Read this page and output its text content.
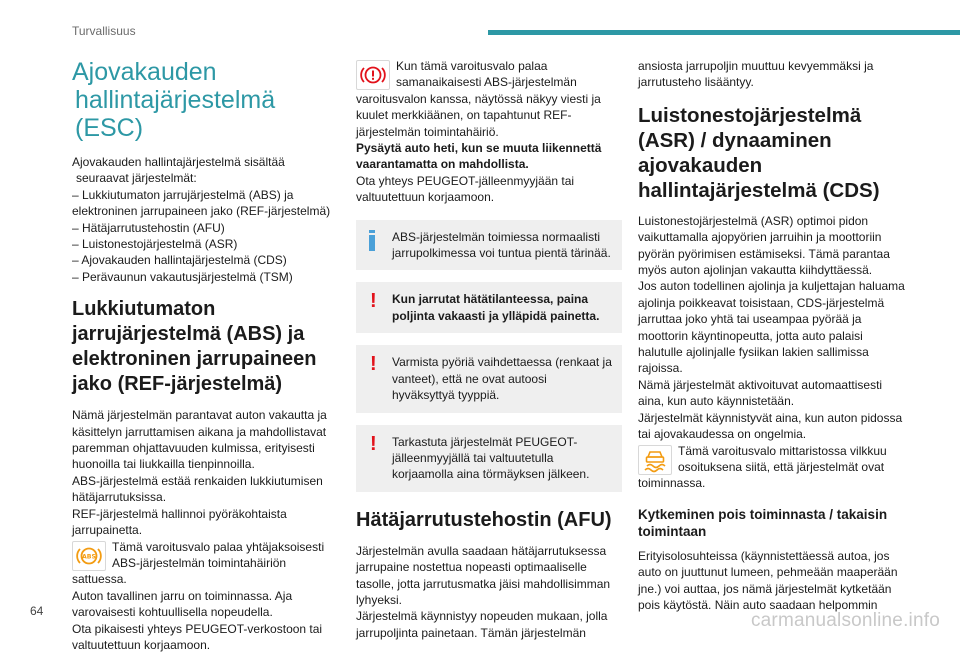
Turvallisuus
Ajovakauden
hallintajärjestelmä (ESC)

Ajovakauden hallintajärjestelmä sisältää
seuraavat järjestelmät:

– Lukkiutumaton jarrujärjestelmä (ABS) ja
elektroninen jarrupaineen jako (REF-järjestelmä)
– Hätäjarrutustehostin (AFU)
– Luistonestojärjestelmä (ASR)
– Ajovakauden hallintajärjestelmä (CDS)
– Perävaunun vakautusjärjestelmä (TSM)

Lukkiutumaton jarrujärjestelmä (ABS) ja elektroninen jarrupaineen jako (REF-järjestelmä)

Nämä järjestelmän parantavat auton vakautta ja käsittelyn jarruttamisen aikana ja mahdollistavat paremman ohjattavuuden kulmissa, erityisesti huonoilla tai liukkailla tienpinnoilla.

ABS-järjestelmä estää renkaiden lukkiutumisen hätäjarrutuksissa.

REF-järjestelmä hallinnoi pyöräkohtaista jarrupainetta.

ABS
Tämä varoitusvalo palaa yhtäjaksoisesti ABS-järjestelmän toimintahäiriön sattuessa.

Auton tavallinen jarru on toiminnassa. Aja varovaisesti kohtuullisella nopeudella.

Ota pikaisesti yhteys PEUGEOT-verkostoon tai valtuutettuun korjaamoon.

Kun tämä varoitusvalo palaa samanaikaisesti ABS-järjestelmän varoitusvalon kanssa, näytössä näkyy viesti ja kuulet merkkiäänen, on tapahtunut REF-järjestelmän toimintahäiriö.

Pysäytä auto heti, kun se muuta liikennettä vaarantamatta on mahdollista.

Ota yhteys PEUGEOT-jälleenmyyjään tai valtuutettuun korjaamoon.

ABS-järjestelmän toimiessa normaalisti jarrupolkimessa voi tuntua pientä tärinää.
! Kun jarrutat hätätilanteessa, paina poljinta vakaasti ja ylläpidä painetta.
! Varmista pyöriä vaihdettaessa (renkaat ja vanteet), että ne ovat autoosi hyväksyttyä tyyppiä.
! Tarkastuta järjestelmät PEUGEOT-jälleenmyyjällä tai valtuutetulla korjaamolla aina törmäyksen jälkeen.
Hätäjarrutustehostin (AFU)

Järjestelmän avulla saadaan hätäjarrutuksessa jarrupaine nostettua nopeasti optimaaliselle tasolle, jotta jarrutusmatka jäisi mahdollisimman lyhyeksi.

Järjestelmä käynnistyy nopeuden mukaan, jolla jarrupoljinta painetaan. Tämän järjestelmän

ansiosta jarrupoljin muuttuu kevyemmäksi ja jarrutusteho lisääntyy.

Luistonestojärjestelmä (ASR) / dynaaminen ajovakauden hallintajärjestelmä (CDS)

Luistonestojärjestelmä (ASR) optimoi pidon vaikuttamalla ajopyörien jarruihin ja moottoriin pyörän pyörimisen estämiseksi. Tämä parantaa myös auton ajolinjan vakautta kiihdyttäessä.

Jos auton todellinen ajolinja ja kuljettajan haluama ajolinja poikkeavat toisistaan, CDS-järjestelmä jarruttaa joko yhtä tai useampaa pyörää ja moottorin käyntinopeutta, jotta auto palaisi halutulle ajolinjalle fysiikan lakien sallimissa rajoissa.

Nämä järjestelmät aktivoituvat automaattisesti aina, kun auto käynnistetään.

Järjestelmät käynnistyvät aina, kun auton pidossa tai ajovakaudessa on ongelmia.

Tämä varoitusvalo mittaristossa vilkkuu osoituksena siitä, että järjestelmät ovat toiminnassa.
Kytkeminen pois toiminnasta / takaisin toimintaan

Erityisolosuhteissa (käynnistettäessä autoa, jos auto on juuttunut lumeen, pehmeään maaperään jne.) voi auttaa, jos nämä järjestelmät kytketään pois käytöstä. Näin auto saadaan helpommin

64	carmanualsonline.info
